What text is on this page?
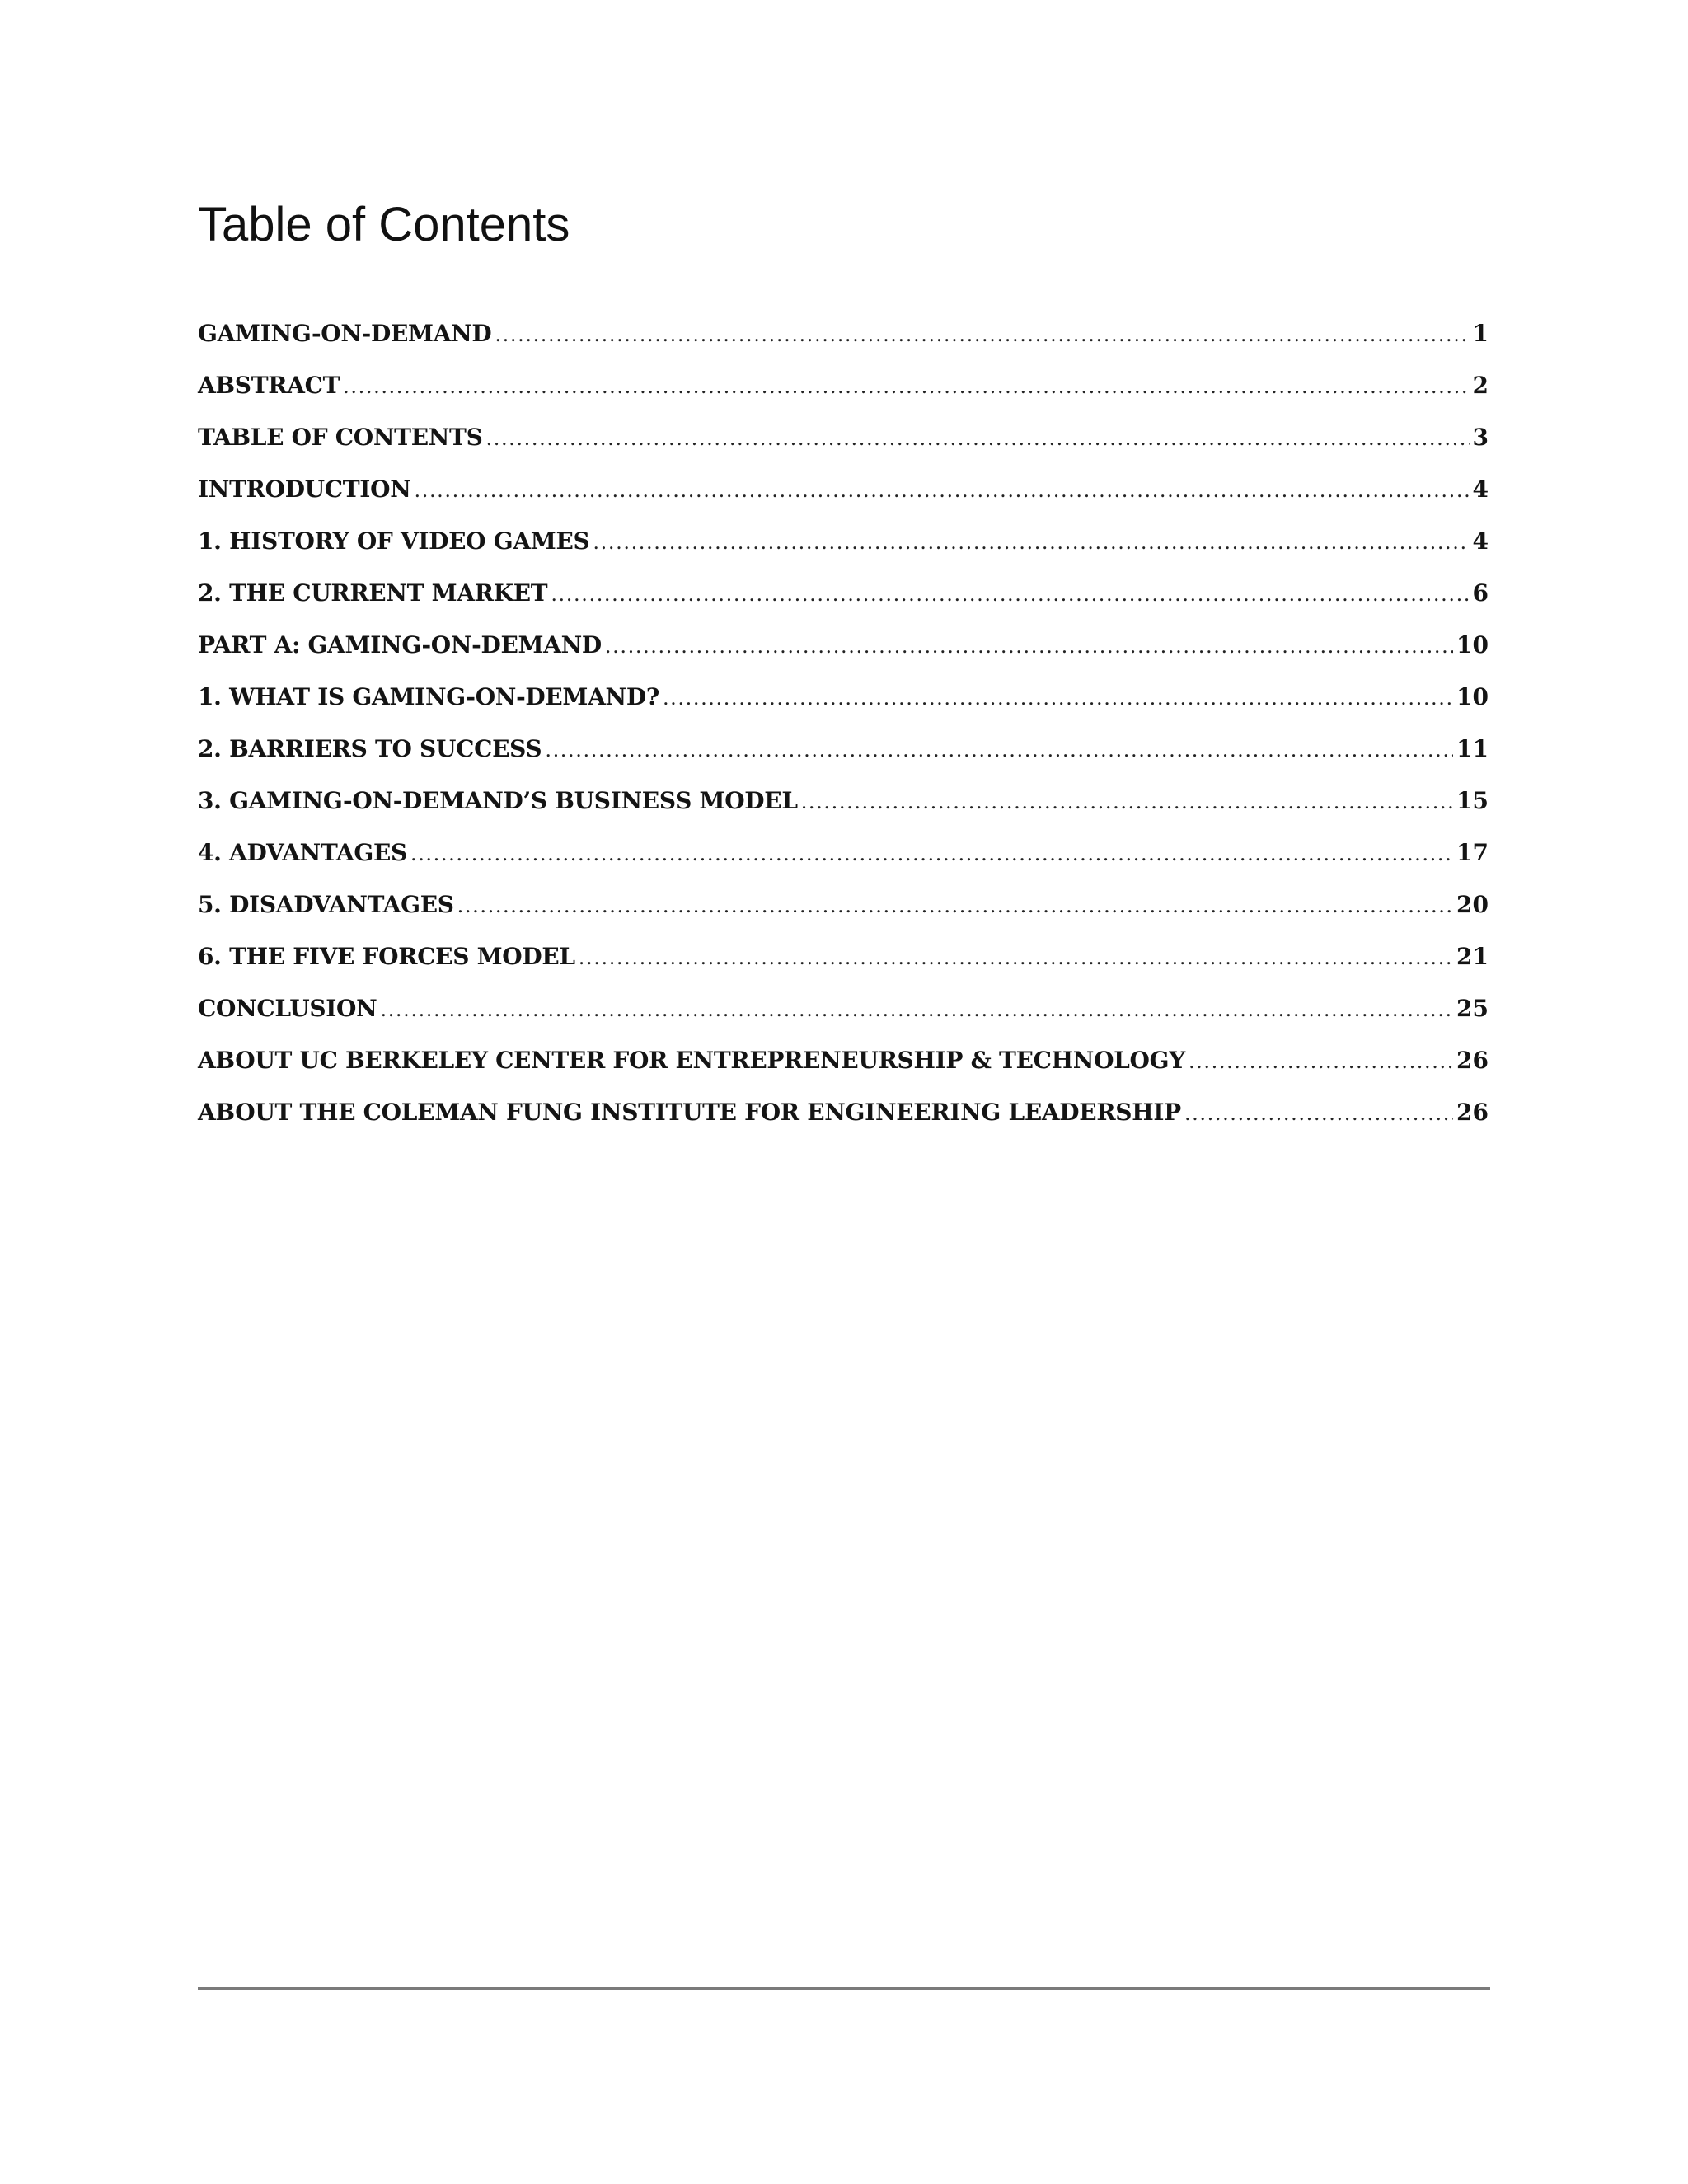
Table of Contents
GAMING-ON-DEMAND .....	1
ABSTRACT .....	2
TABLE OF CONTENTS .....	3
INTRODUCTION .....	4
1. HISTORY OF VIDEO GAMES .....	4
2. THE CURRENT MARKET .....	6
PART A: GAMING-ON-DEMAND .....	10
1. WHAT IS GAMING-ON-DEMAND? .....	10
2. BARRIERS TO SUCCESS .....	11
3. GAMING-ON-DEMAND’S BUSINESS MODEL .....	15
4. ADVANTAGES .....	17
5. DISADVANTAGES .....	20
6. THE FIVE FORCES MODEL .....	21
CONCLUSION .....	25
ABOUT UC BERKELEY CENTER FOR ENTREPRENEURSHIP & TECHNOLOGY .....	26
ABOUT THE COLEMAN FUNG INSTITUTE FOR ENGINEERING LEADERSHIP .....	26
